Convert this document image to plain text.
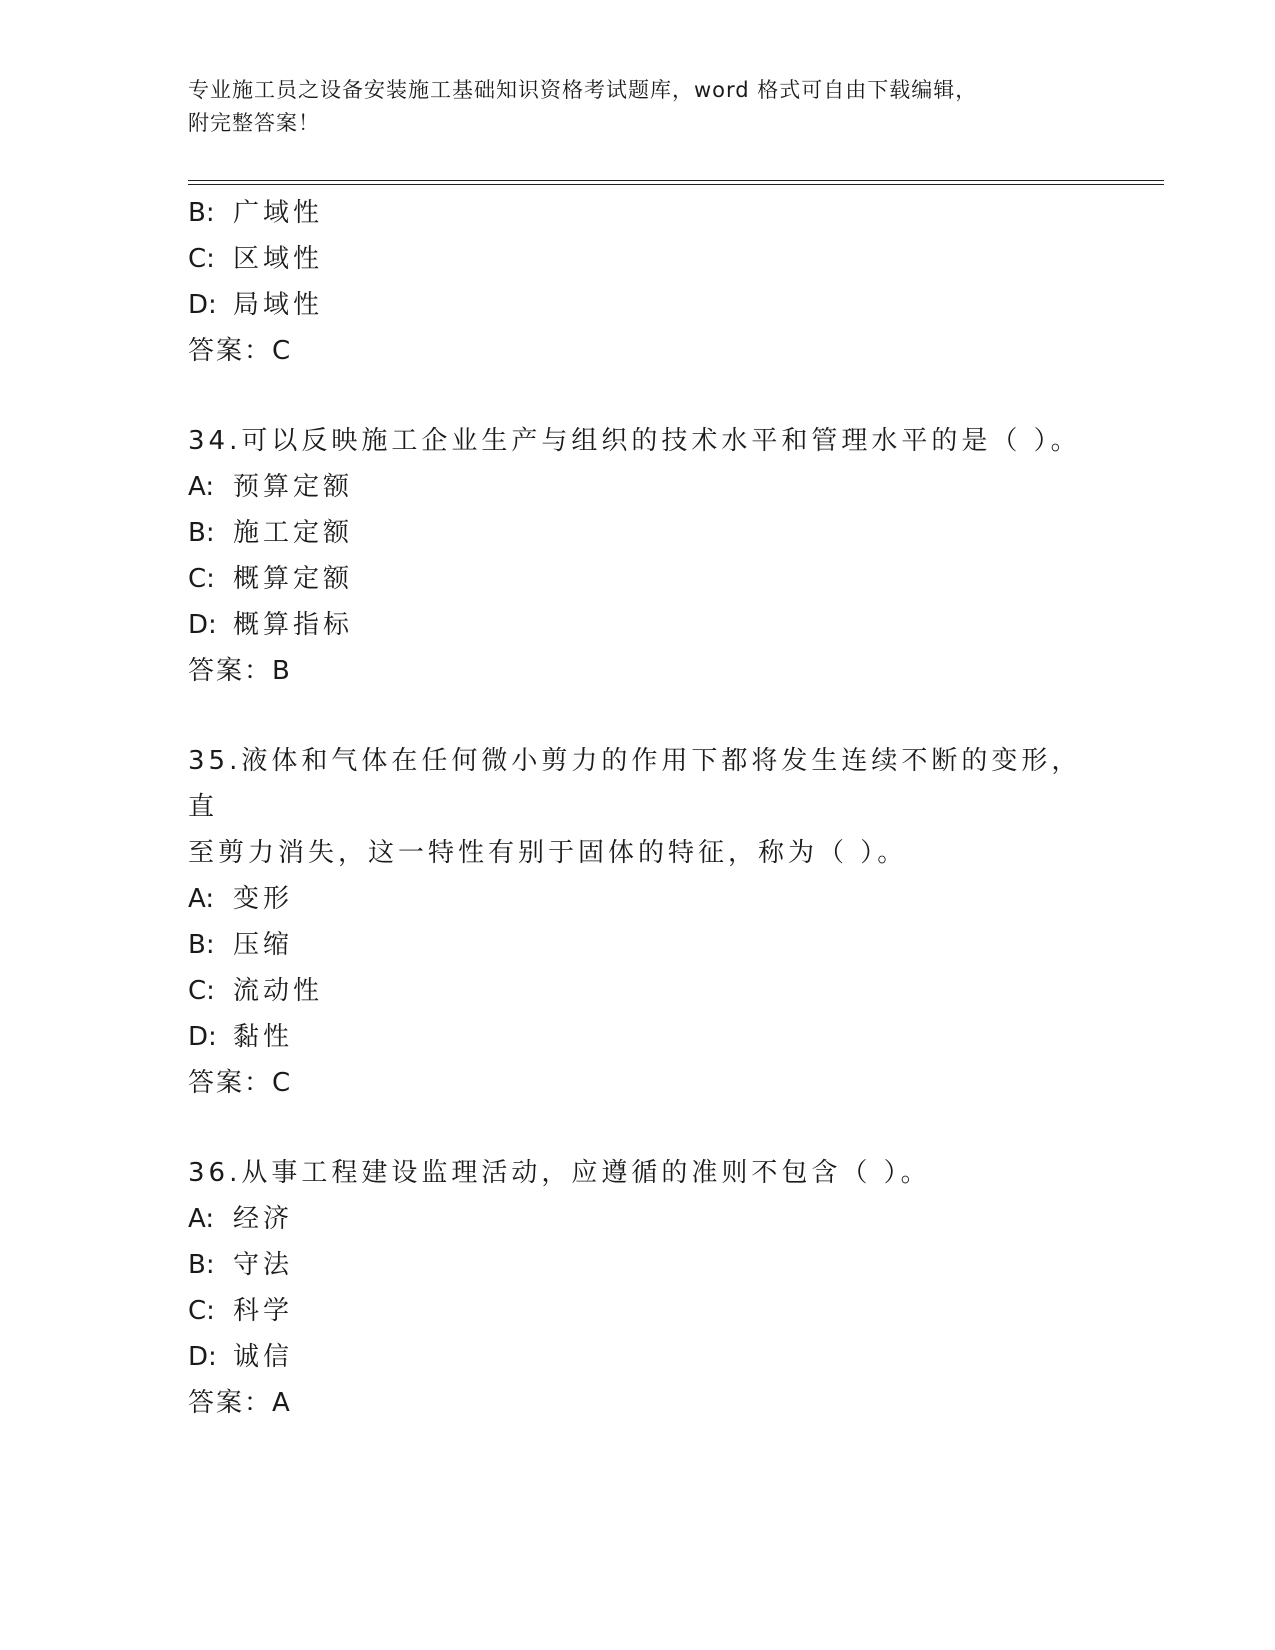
专业施工员之设备安装施工基础知识资格考试题库，word 格式可自由下载编辑，
附完整答案！
B: 广域性
C: 区域性
D: 局域性
答案：C
34.可以反映施工企业生产与组织的技术水平和管理水平的是（ ）。
A: 预算定额
B: 施工定额
C: 概算定额
D: 概算指标
答案：B
35.液体和气体在任何微小剪力的作用下都将发生连续不断的变形，直
至剪力消失，这一特性有别于固体的特征，称为（ ）。
A: 变形
B: 压缩
C: 流动性
D: 黏性
答案：C
36.从事工程建设监理活动，应遵循的准则不包含（ ）。
A: 经济
B: 守法
C: 科学
D: 诚信
答案：A
